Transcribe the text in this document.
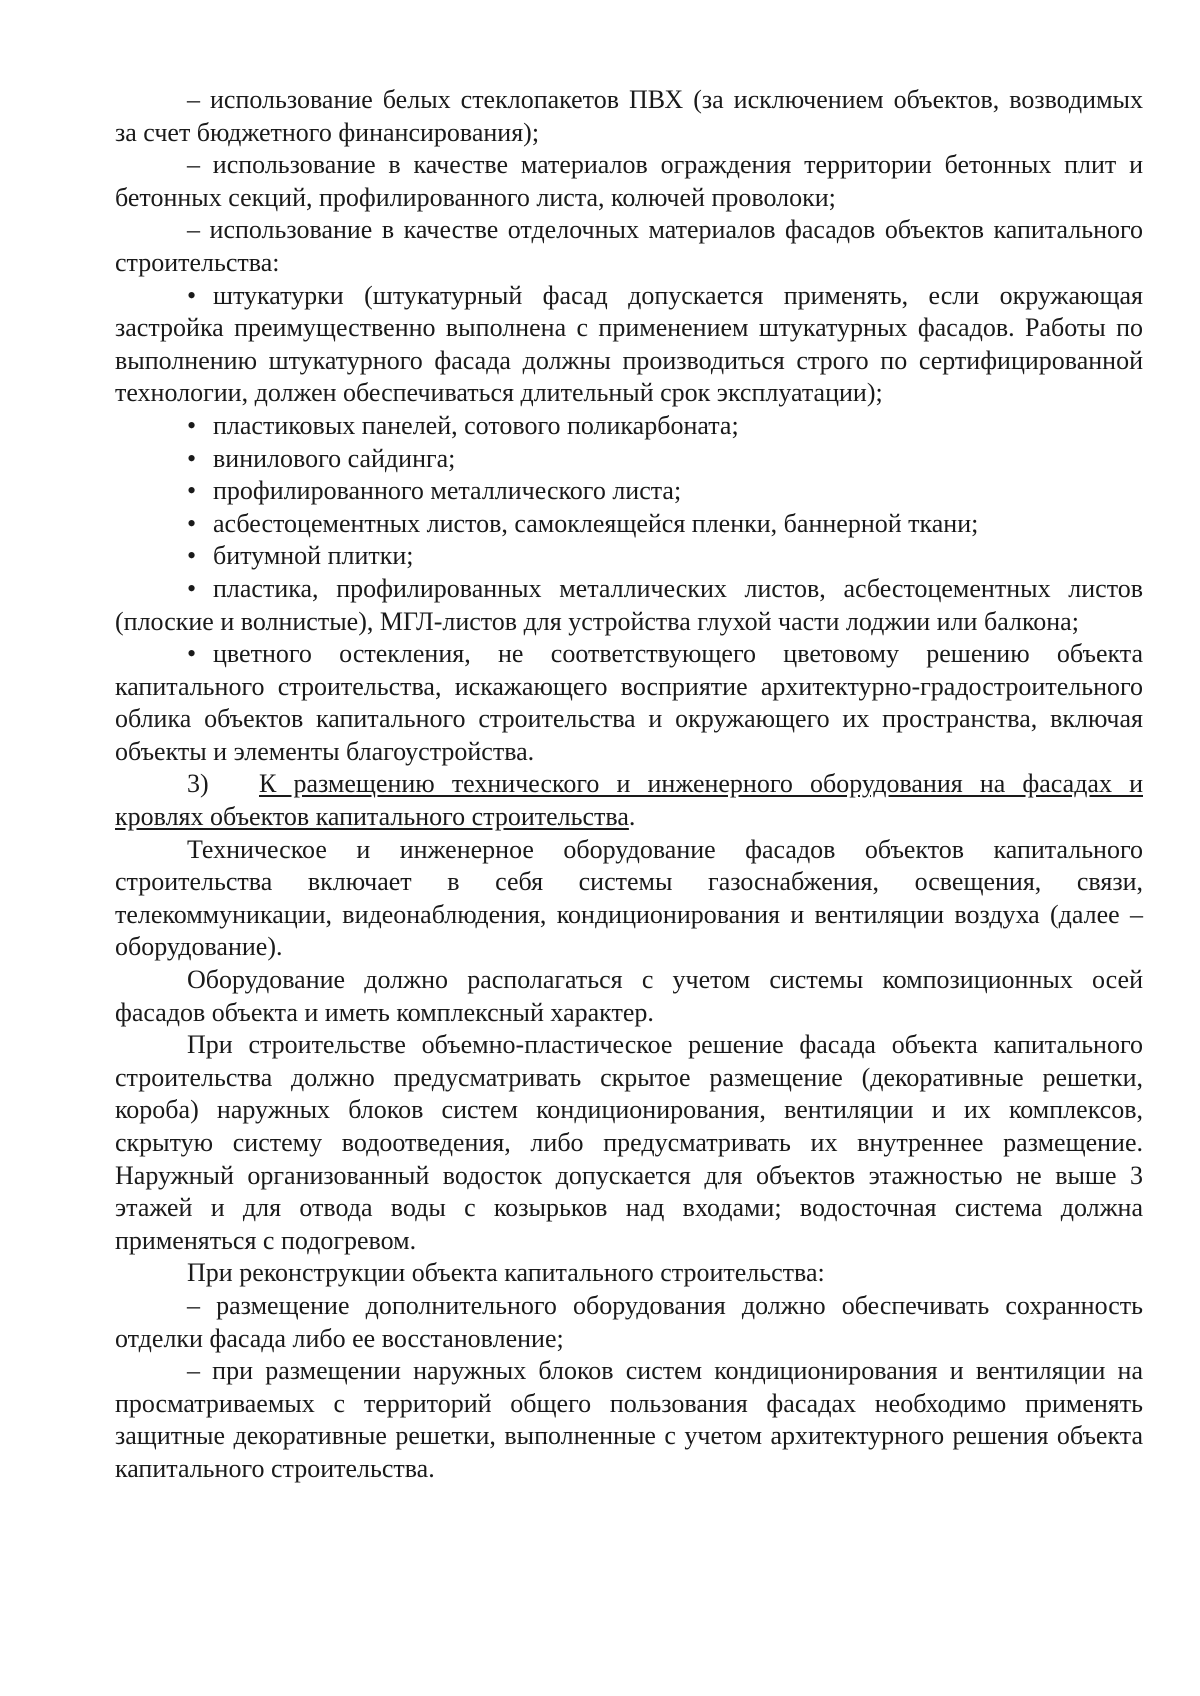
– использование белых стеклопакетов ПВХ (за исключением объектов, возводимых за счет бюджетного финансирования);

– использование в качестве материалов ограждения территории бетонных плит и бетонных секций, профилированного листа, колючей проволоки;

– использование в качестве отделочных материалов фасадов объектов капитального строительства:

• штукатурки (штукатурный фасад допускается применять, если окружающая застройка преимущественно выполнена с применением штукатурных фасадов. Работы по выполнению штукатурного фасада должны производиться строго по сертифицированной технологии, должен обеспечиваться длительный срок эксплуатации);

• пластиковых панелей, сотового поликарбоната;

• винилового сайдинга;

• профилированного металлического листа;

• асбестоцементных листов, самоклеящейся пленки, баннерной ткани;

• битумной плитки;

• пластика, профилированных металлических листов, асбестоцементных листов (плоские и волнистые), МГЛ-листов для устройства глухой части лоджии или балкона;

• цветного остекления, не соответствующего цветовому решению объекта капитального строительства, искажающего восприятие архитектурно-градостроительного облика объектов капитального строительства и окружающего их пространства, включая объекты и элементы благоустройства.

3) К размещению технического и инженерного оборудования на фасадах и кровлях объектов капитального строительства.

Техническое и инженерное оборудование фасадов объектов капитального строительства включает в себя системы газоснабжения, освещения, связи, телекоммуникации, видеонаблюдения, кондиционирования и вентиляции воздуха (далее – оборудование).

Оборудование должно располагаться с учетом системы композиционных осей фасадов объекта и иметь комплексный характер.

При строительстве объемно-пластическое решение фасада объекта капитального строительства должно предусматривать скрытое размещение (декоративные решетки, короба) наружных блоков систем кондиционирования, вентиляции и их комплексов, скрытую систему водоотведения, либо предусматривать их внутреннее размещение. Наружный организованный водосток допускается для объектов этажностью не выше 3 этажей и для отвода воды с козырьков над входами; водосточная система должна применяться с подогревом.

При реконструкции объекта капитального строительства:

– размещение дополнительного оборудования должно обеспечивать сохранность отделки фасада либо ее восстановление;

– при размещении наружных блоков систем кондиционирования и вентиляции на просматриваемых с территорий общего пользования фасадах необходимо применять защитные декоративные решетки, выполненные с учетом архитектурного решения объекта капитального строительства.
